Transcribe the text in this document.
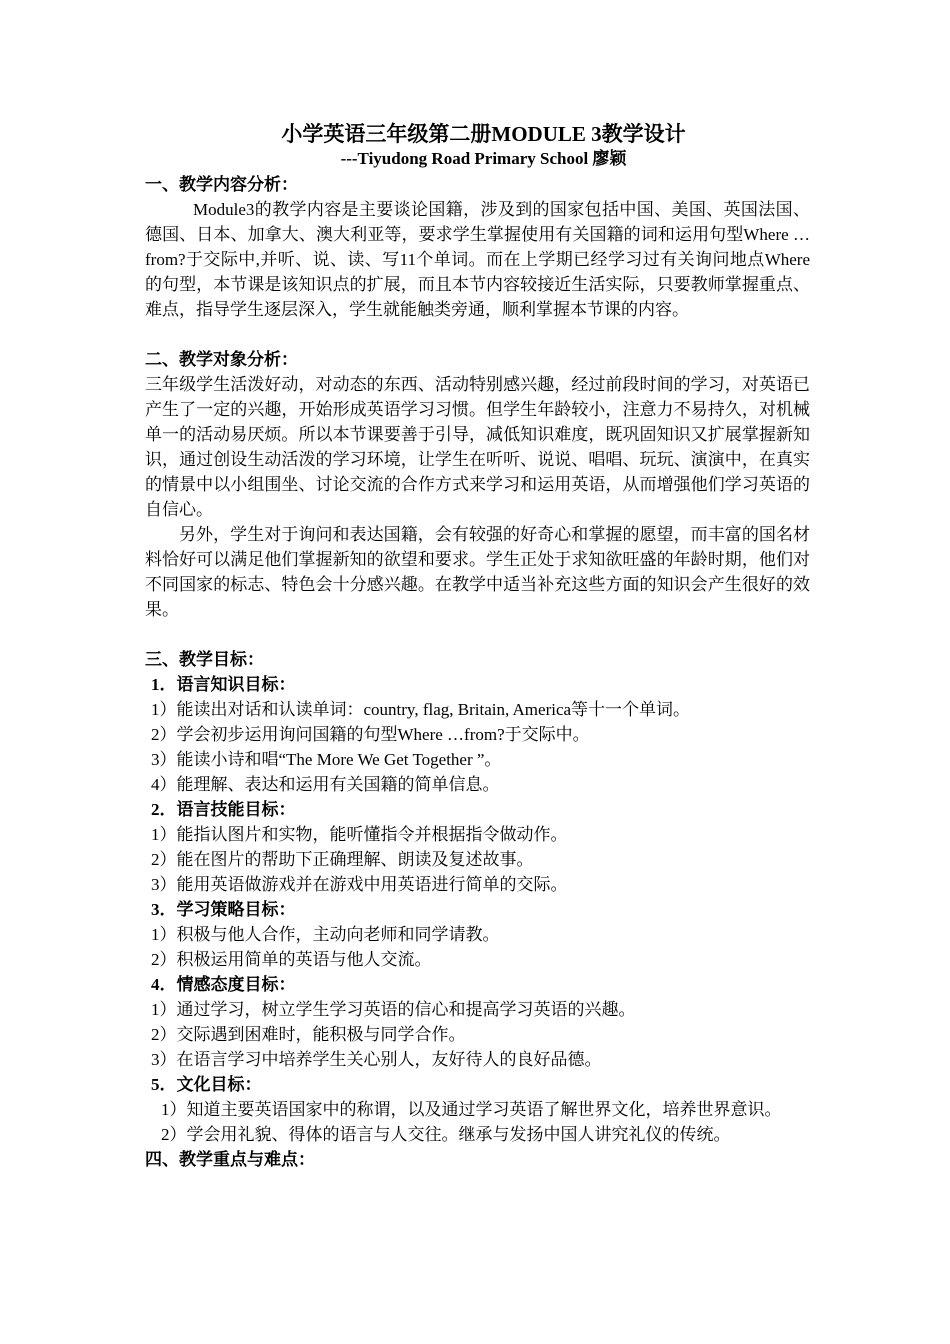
小学英语三年级第二册MODULE 3教学设计

---Tiyudong Road Primary School 廖颖

一、教学内容分析：

Module3的教学内容是主要谈论国籍，涉及到的国家包括中国、美国、英国法国、德国、日本、加拿大、澳大利亚等，要求学生掌握使用有关国籍的词和运用句型Where …from?于交际中,并听、说、读、写11个单词。而在上学期已经学习过有关询问地点Where的句型，本节课是该知识点的扩展，而且本节内容较接近生活实际，只要教师掌握重点、难点，指导学生逐层深入，学生就能触类旁通，顺利掌握本节课的内容。

二、教学对象分析：

三年级学生活泼好动，对动态的东西、活动特别感兴趣，经过前段时间的学习，对英语已产生了一定的兴趣，开始形成英语学习习惯。但学生年龄较小，注意力不易持久，对机械单一的活动易厌烦。所以本节课要善于引导，减低知识难度，既巩固知识又扩展掌握新知识，通过创设生动活泼的学习环境，让学生在听听、说说、唱唱、玩玩、演演中，在真实的情景中以小组围坐、讨论交流的合作方式来学习和运用英语，从而增强他们学习英语的自信心。

另外，学生对于询问和表达国籍，会有较强的好奇心和掌握的愿望，而丰富的国名材料恰好可以满足他们掌握新知的欲望和要求。学生正处于求知欲旺盛的年龄时期，他们对不同国家的标志、特色会十分感兴趣。在教学中适当补充这些方面的知识会产生很好的效果。

三、教学目标：

1．语言知识目标：

1）能读出对话和认读单词：country, flag, Britain, America等十一个单词。

2）学会初步运用询问国籍的句型Where …from?于交际中。

3）能读小诗和唱“The More We Get Together ”。

4）能理解、表达和运用有关国籍的简单信息。

2．语言技能目标：

1）能指认图片和实物，能听懂指令并根据指令做动作。

2）能在图片的帮助下正确理解、朗读及复述故事。

3）能用英语做游戏并在游戏中用英语进行简单的交际。

3．学习策略目标：

1）积极与他人合作，主动向老师和同学请教。

2）积极运用简单的英语与他人交流。

4．情感态度目标：

1）通过学习，树立学生学习英语的信心和提高学习英语的兴趣。

2）交际遇到困难时，能积极与同学合作。

3）在语言学习中培养学生关心别人，友好待人的良好品德。

5．文化目标：

1）知道主要英语国家中的称谓，以及通过学习英语了解世界文化，培养世界意识。

2）学会用礼貌、得体的语言与人交往。继承与发扬中国人讲究礼仪的传统。

四、教学重点与难点：
